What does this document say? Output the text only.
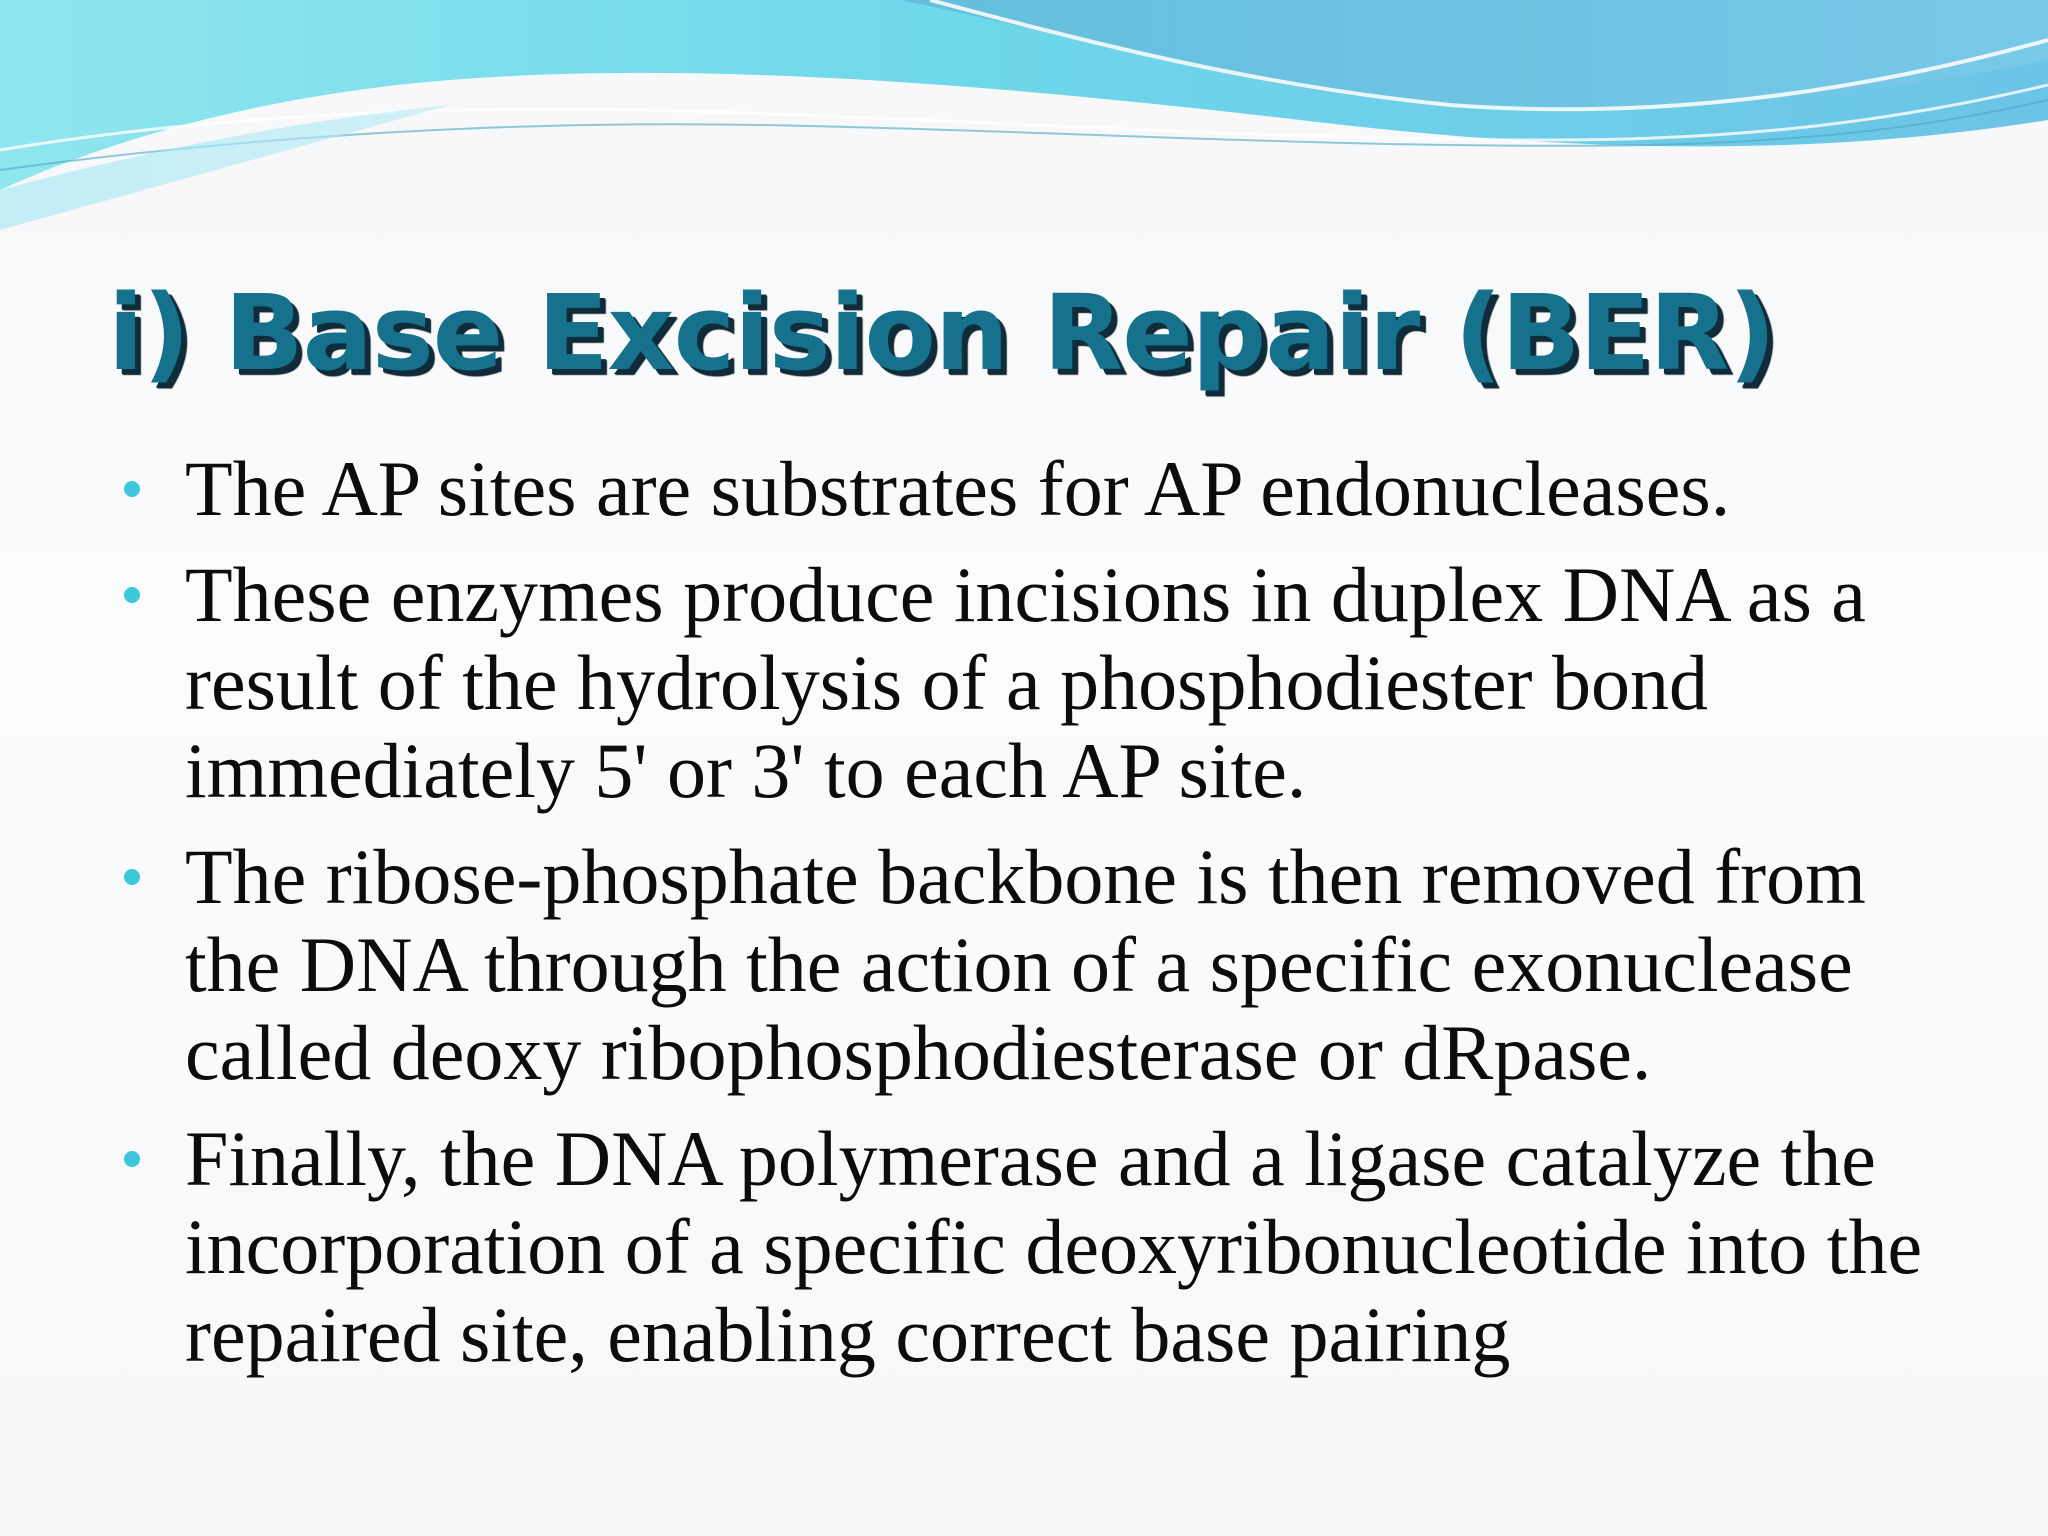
i) Base Excision Repair (BER)
The AP sites are substrates for AP endonucleases.
These enzymes produce incisions in duplex DNA as a result of the hydrolysis of a phosphodiester bond immediately 5' or 3' to each AP site.
The ribose-phosphate backbone is then removed from the DNA through the action of a specific exonuclease called deoxy ribophosphodiesterase or dRpase.
Finally, the DNA polymerase and a ligase catalyze the incorporation of a specific deoxyribonucleotide into the repaired site, enabling correct base pairing
